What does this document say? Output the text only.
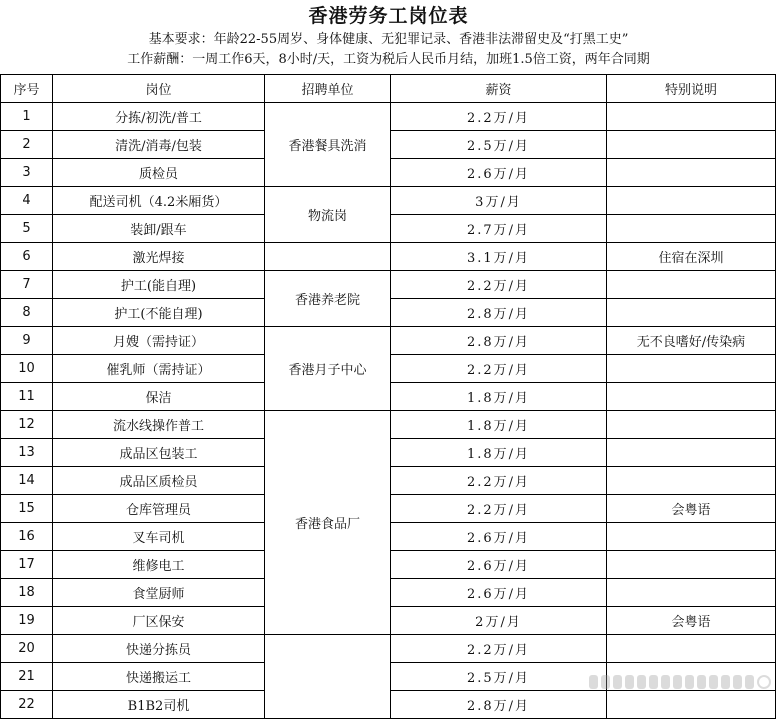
香港劳务工岗位表
基本要求：年龄22-55周岁、身体健康、无犯罪记录、香港非法滞留史及“打黑工史”
工作薪酬：一周工作6天，8小时/天，工资为税后人民币月结，加班1.5倍工资，两年合同期
序号	岗位	招聘单位	薪资	特别说明
1	分拣/初洗/普工	香港餐具洗消	2.2万/月	
2	清洗/消毒/包装		2.5万/月	
3	质检员		2.6万/月	
4	配送司机（4.2米厢货）	物流岗	3万/月	
5	装卸/跟车		2.7万/月	
6	激光焊接		3.1万/月	住宿在深圳
7	护工(能自理)	香港养老院	2.2万/月	
8	护工(不能自理)		2.8万/月	
9	月嫂（需持证）	香港月子中心	2.8万/月	无不良嗜好/传染病
10	催乳师（需持证）		2.2万/月	
11	保洁		1.8万/月	
12	流水线操作普工	香港食品厂	1.8万/月	
13	成品区包装工		1.8万/月	
14	成品区质检员		2.2万/月	
15	仓库管理员		2.2万/月	会粤语
16	叉车司机		2.6万/月	
17	维修电工		2.6万/月	
18	食堂厨师		2.6万/月	
19	厂区保安		2万/月	会粤语
20	快递分拣员		2.2万/月	
21	快递搬运工		2.5万/月	
22	B1B2司机		2.8万/月	
